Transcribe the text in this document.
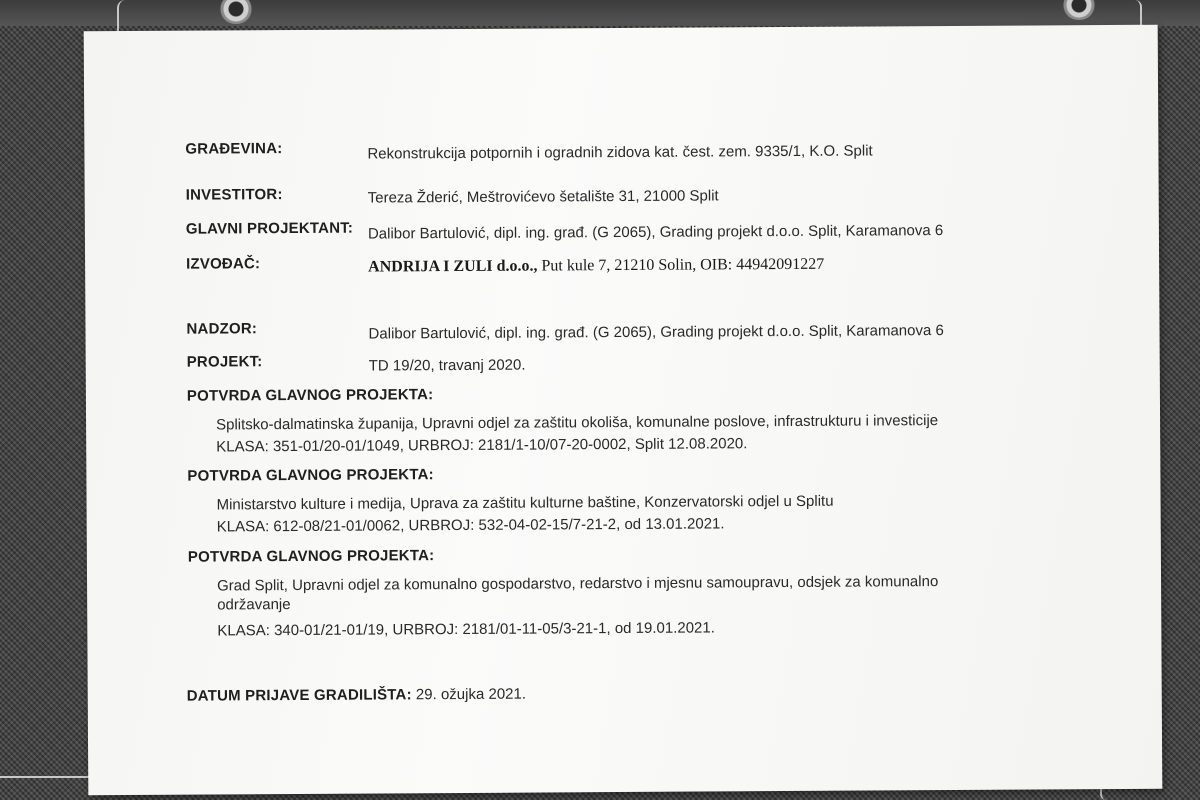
GRAĐEVINA:	Rekonstrukcija potpornih i ogradnih zidova kat. čest. zem. 9335/1, K.O. Split
INVESTITOR:	Tereza Žderić, Meštrovićevo šetalište 31, 21000 Split
GLAVNI PROJEKTANT: Dalibor Bartulović, dipl. ing. građ. (G 2065), Grading projekt d.o.o. Split, Karamanova 6
IZVOĐAČ:	ANDRIJA I ZULI d.o.o., Put kule 7, 21210 Solin, OIB: 44942091227
NADZOR:	Dalibor Bartulović, dipl. ing. građ. (G 2065), Grading projekt d.o.o. Split, Karamanova 6
PROJEKT:	TD 19/20, travanj 2020.
POTVRDA GLAVNOG PROJEKTA:
Splitsko-dalmatinska županija, Upravni odjel za zaštitu okoliša, komunalne poslove, infrastrukturu i investicije
KLASA: 351-01/20-01/1049, URBROJ: 2181/1-10/07-20-0002, Split 12.08.2020.
POTVRDA GLAVNOG PROJEKTA:
Ministarstvo kulture i medija, Uprava za zaštitu kulturne baštine, Konzervatorski odjel u Splitu
KLASA: 612-08/21-01/0062, URBROJ: 532-04-02-15/7-21-2, od 13.01.2021.
POTVRDA GLAVNOG PROJEKTA:
Grad Split, Upravni odjel za komunalno gospodarstvo, redarstvo i mjesnu samoupravu, odsjek za komunalno
održavanje
KLASA: 340-01/21-01/19, URBROJ: 2181/01-11-05/3-21-1, od 19.01.2021.
DATUM PRIJAVE GRADILIŠTA: 29. ožujka 2021.
